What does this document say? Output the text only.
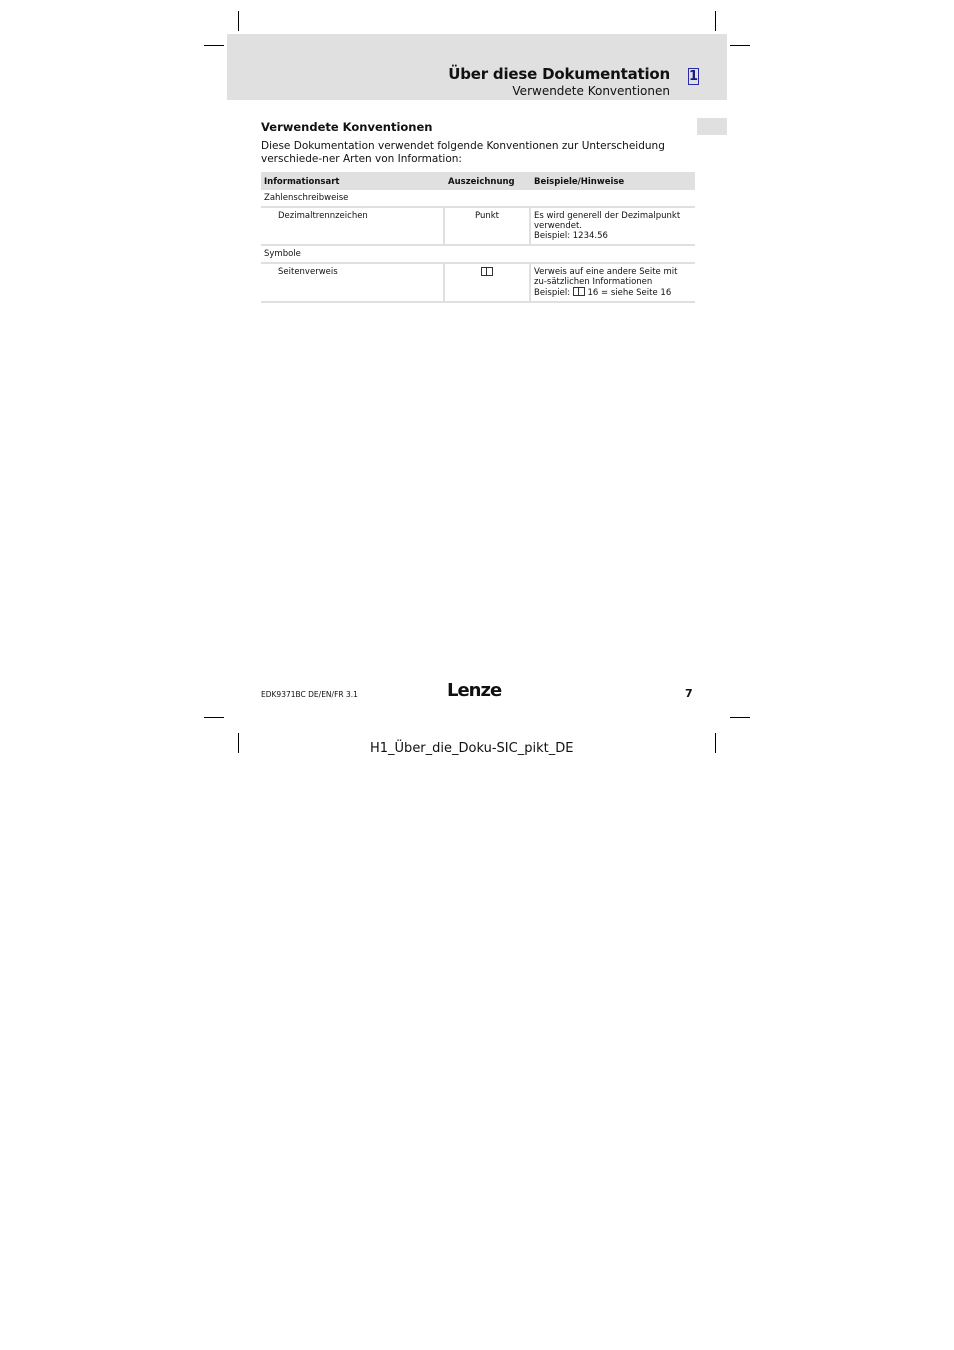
Über diese Dokumentation
Verwendete Konventionen
1
Verwendete Konventionen
Diese Dokumentation verwendet folgende Konventionen zur Unterscheidung verschiede-ner Arten von Information:
Informationsart	Auszeichnung	Beispiele/Hinweise
Zahlenschreibweise		
Dezimaltrennzeichen	Punkt	Es wird generell der Dezimalpunkt verwendet.
Beispiel: 1234.56

Symbole		
Seitenverweis		Verweis auf eine andere Seite mit zu-sätzlichen Informationen
Beispiel: 16 = siehe Seite 16
EDK9371BC DE/EN/FR 3.1	Lenze	7
H1_Über_die_Doku-SIC_pikt_DE
